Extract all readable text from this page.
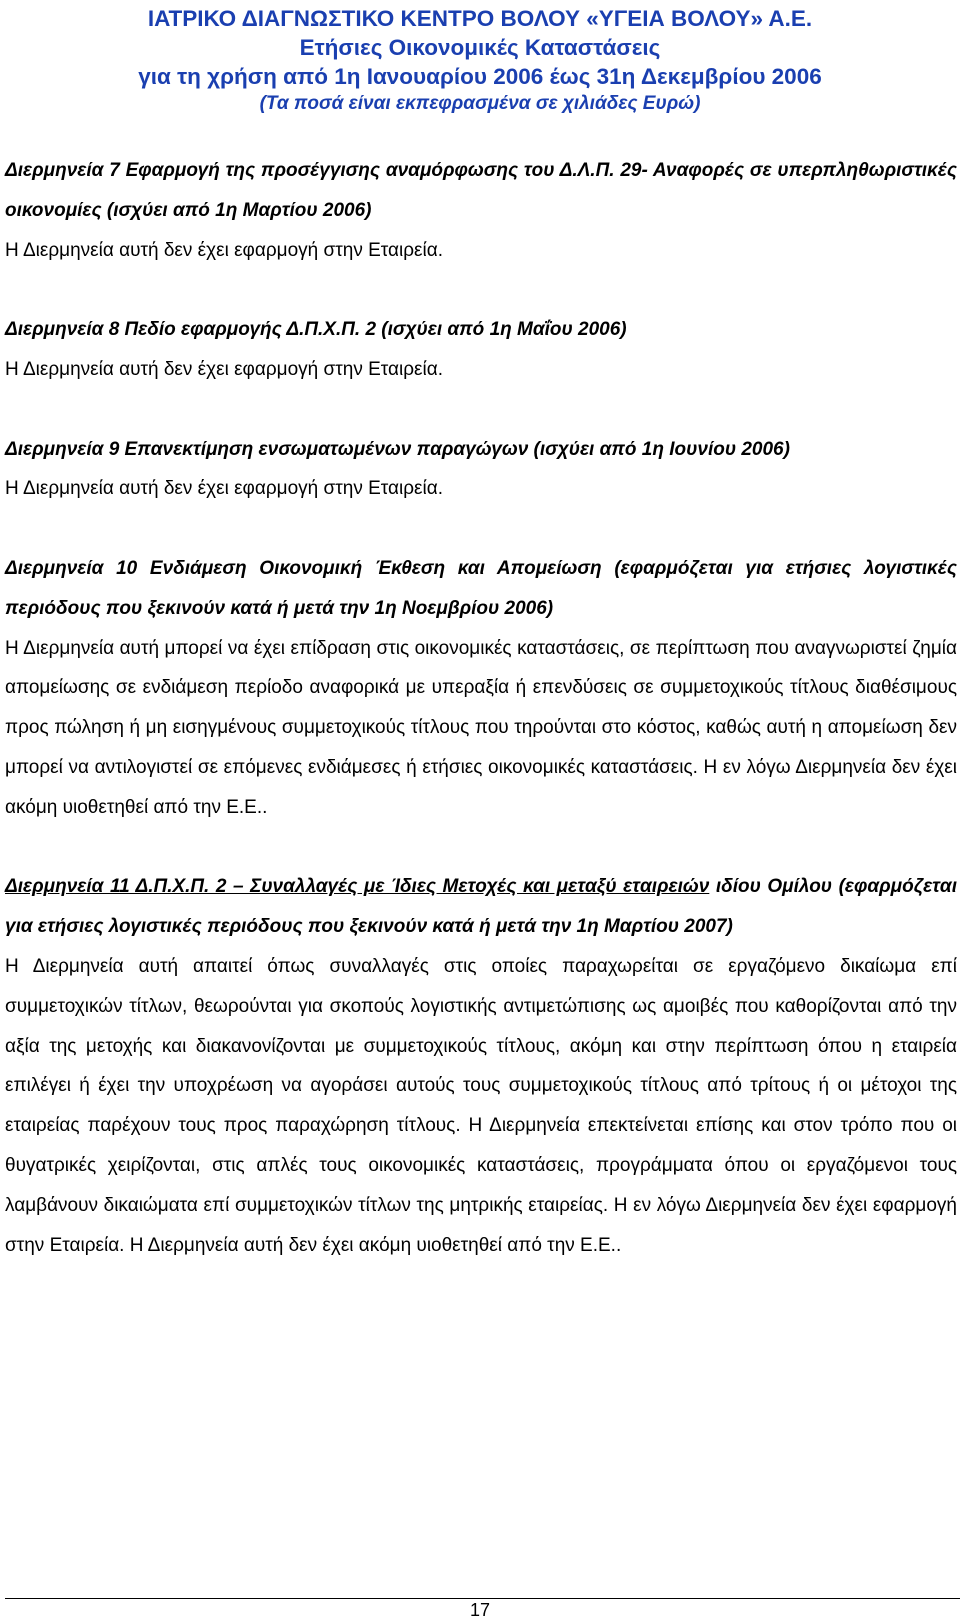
ΙΑΤΡΙΚΟ ΔΙΑΓΝΩΣΤΙΚΟ ΚΕΝΤΡΟ ΒΟΛΟΥ «ΥΓΕΙΑ ΒΟΛΟΥ» Α.Ε.
Ετήσιες Οικονομικές Καταστάσεις
για τη χρήση από 1η Ιανουαρίου 2006 έως 31η Δεκεμβρίου 2006
(Τα ποσά είναι εκπεφρασμένα σε χιλιάδες Ευρώ)

Διερμηνεία 7 Εφαρμογή της προσέγγισης αναμόρφωσης του Δ.Λ.Π. 29- Αναφορές σε υπερπληθωριστικές οικονομίες (ισχύει από 1η Μαρτίου 2006)
Η Διερμηνεία αυτή δεν έχει εφαρμογή στην Εταιρεία.

Διερμηνεία 8 Πεδίο εφαρμογής Δ.Π.Χ.Π. 2 (ισχύει από 1η Μαΐου 2006)
Η Διερμηνεία αυτή δεν έχει εφαρμογή στην Εταιρεία.

Διερμηνεία 9 Επανεκτίμηση ενσωματωμένων παραγώγων (ισχύει από 1η Ιουνίου 2006)
Η Διερμηνεία αυτή δεν έχει εφαρμογή στην Εταιρεία.

Διερμηνεία 10 Ενδιάμεση Οικονομική Έκθεση και Απομείωση (εφαρμόζεται για ετήσιες λογιστικές περιόδους που ξεκινούν κατά ή μετά την 1η Νοεμβρίου 2006)
Η Διερμηνεία αυτή μπορεί να έχει επίδραση στις οικονομικές καταστάσεις, σε περίπτωση που αναγνωριστεί ζημία απομείωσης σε ενδιάμεση περίοδο αναφορικά με υπεραξία ή επενδύσεις σε συμμετοχικούς τίτλους διαθέσιμους προς πώληση ή μη εισηγμένους συμμετοχικούς τίτλους που τηρούνται στο κόστος, καθώς αυτή η απομείωση δεν μπορεί να αντιλογιστεί σε επόμενες ενδιάμεσες ή ετήσιες οικονομικές καταστάσεις. Η εν λόγω Διερμηνεία δεν έχει ακόμη υιοθετηθεί από την Ε.Ε..

Διερμηνεία 11 Δ.Π.Χ.Π. 2 – Συναλλαγές με Ίδιες Μετοχές και μεταξύ εταιρειών ιδίου Ομίλου (εφαρμόζεται για ετήσιες λογιστικές περιόδους που ξεκινούν κατά ή μετά την 1η Μαρτίου 2007)
Η Διερμηνεία αυτή απαιτεί όπως συναλλαγές στις οποίες παραχωρείται σε εργαζόμενο δικαίωμα επί συμμετοχικών τίτλων, θεωρούνται για σκοπούς λογιστικής αντιμετώπισης ως αμοιβές που καθορίζονται από την αξία της μετοχής και διακανονίζονται με συμμετοχικούς τίτλους, ακόμη και στην περίπτωση όπου η εταιρεία επιλέγει ή έχει την υποχρέωση να αγοράσει αυτούς τους συμμετοχικούς τίτλους από τρίτους ή οι μέτοχοι της εταιρείας παρέχουν τους προς παραχώρηση τίτλους. Η Διερμηνεία επεκτείνεται επίσης και στον τρόπο που οι θυγατρικές χειρίζονται, στις απλές τους οικονομικές καταστάσεις, προγράμματα όπου οι εργαζόμενοι τους λαμβάνουν δικαιώματα επί συμμετοχικών τίτλων της μητρικής εταιρείας. Η εν λόγω Διερμηνεία δεν έχει εφαρμογή στην Εταιρεία. Η Διερμηνεία αυτή δεν έχει ακόμη υιοθετηθεί από την Ε.Ε..

17
